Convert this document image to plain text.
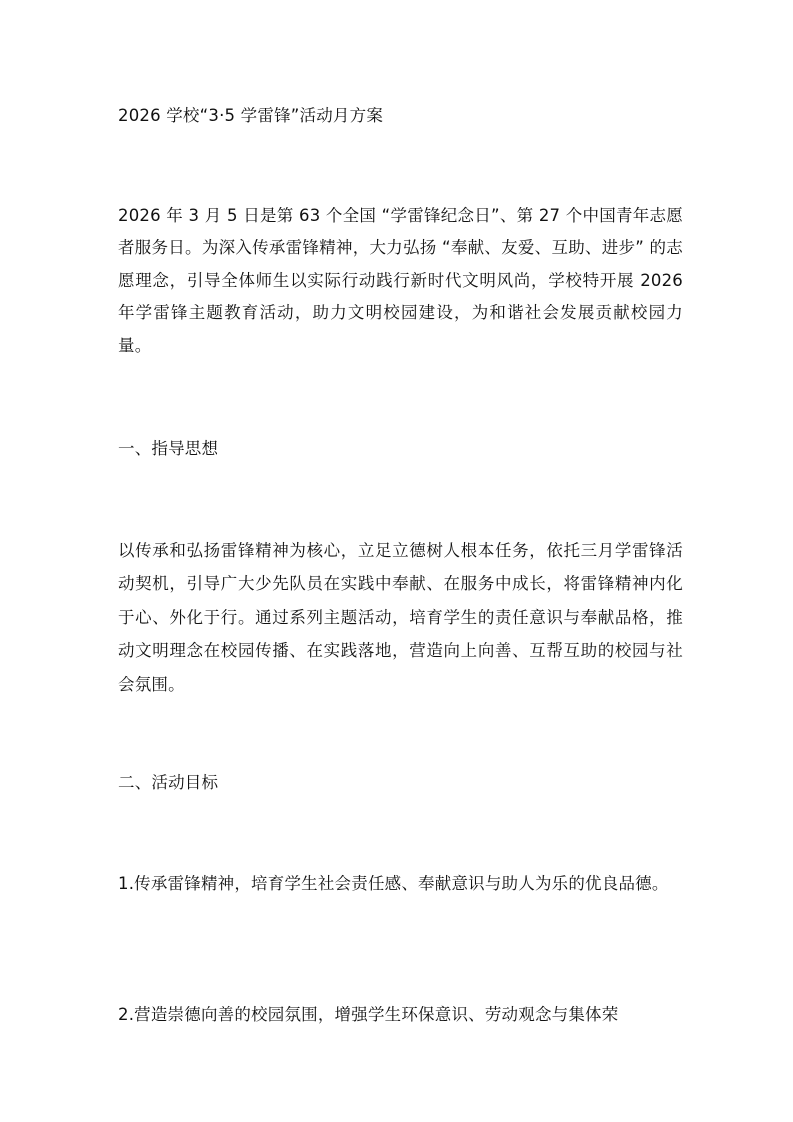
2026 学校“3·5 学雷锋”活动月方案

2026 年 3 月 5 日是第 63 个全国 “学雷锋纪念日”、第 27 个中国青年志愿者服务日。为深入传承雷锋精神，大力弘扬 “奉献、友爱、互助、进步” 的志愿理念，引导全体师生以实际行动践行新时代文明风尚，学校特开展 2026 年学雷锋主题教育活动，助力文明校园建设，为和谐社会发展贡献校园力量。

一、指导思想

以传承和弘扬雷锋精神为核心，立足立德树人根本任务，依托三月学雷锋活动契机，引导广大少先队员在实践中奉献、在服务中成长，将雷锋精神内化于心、外化于行。通过系列主题活动，培育学生的责任意识与奉献品格，推动文明理念在校园传播、在实践落地，营造向上向善、互帮互助的校园与社会氛围。

二、活动目标

1.传承雷锋精神，培育学生社会责任感、奉献意识与助人为乐的优良品德。

2.营造崇德向善的校园氛围，增强学生环保意识、劳动观念与集体荣
